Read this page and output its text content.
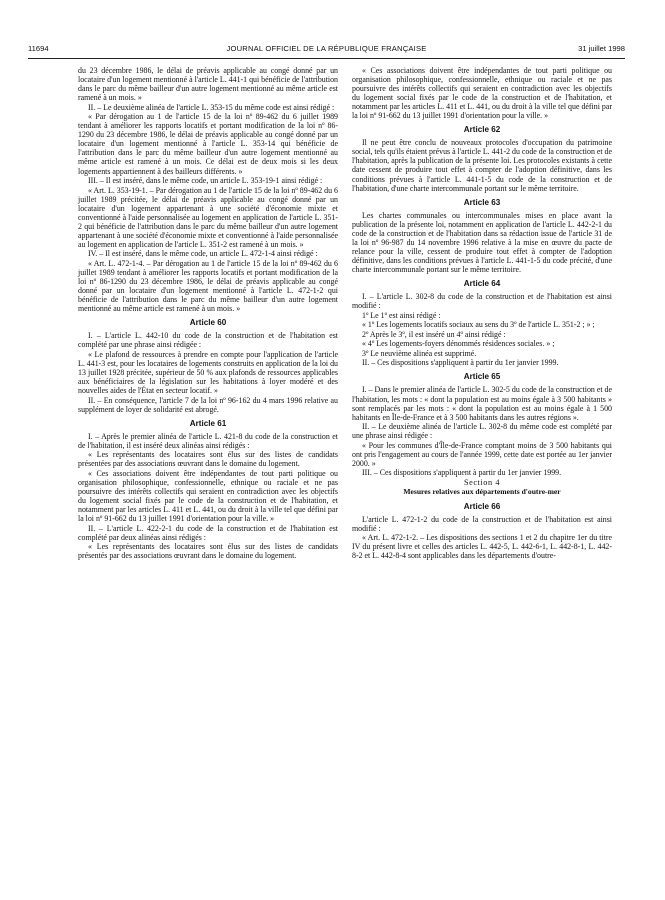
11694	JOURNAL OFFICIEL DE LA RÉPUBLIQUE FRANÇAISE	31 juillet 1998

du 23 décembre 1986, le délai de préavis applicable au congé donné par un locataire d'un logement mentionné à l'article L. 441-1 qui bénéficie de l'attribution dans le parc du même bailleur d'un autre logement mentionné au même article est ramené à un mois. »

II. – Le deuxième alinéa de l'article L. 353-15 du même code est ainsi rédigé :

« Par dérogation au 1 de l'article 15 de la loi nº 89-462 du 6 juillet 1989 tendant à améliorer les rapports locatifs et portant modification de la loi nº 86-1290 du 23 décembre 1986, le délai de préavis applicable au congé donné par un locataire d'un logement mentionné à l'article L. 353-14 qui bénéficie de l'attribution dans le parc du même bailleur d'un autre logement mentionné au même article est ramené à un mois. Ce délai est de deux mois si les deux logements appartiennent à des bailleurs différents. »

III. – Il est inséré, dans le même code, un article L. 353-19-1 ainsi rédigé :

« Art. L. 353-19-1. – Par dérogation au 1 de l'article 15 de la loi nº 89-462 du 6 juillet 1989 précitée, le délai de préavis applicable au congé donné par un locataire d'un logement appartenant à une société d'économie mixte et conventionné à l'aide personnalisée au logement en application de l'article L. 351-2 qui bénéficie de l'attribution dans le parc du même bailleur d'un autre logement appartenant à une société d'économie mixte et conventionné à l'aide personnalisée au logement en application de l'article L. 351-2 est ramené à un mois. »

IV. – Il est inséré, dans le même code, un article L. 472-1-4 ainsi rédigé :

« Art. L. 472-1-4. – Par dérogation au 1 de l'article 15 de la loi nº 89-462 du 6 juillet 1989 tendant à améliorer les rapports locatifs et portant modification de la loi nº 86-1290 du 23 décembre 1986, le délai de préavis applicable au congé donné par un locataire d'un logement mentionné à l'article L. 472-1-2 qui bénéficie de l'attribution dans le parc du même bailleur d'un autre logement mentionné au même article est ramené à un mois. »

Article 60

I. – L'article L. 442-10 du code de la construction et de l'habitation est complété par une phrase ainsi rédigée :

« Le plafond de ressources à prendre en compte pour l'application de l'article L. 441-3 est, pour les locataires de logements construits en application de la loi du 13 juillet 1928 précitée, supérieur de 50 % aux plafonds de ressources applicables aux bénéficiaires de la législation sur les habitations à loyer modéré et des nouvelles aides de l'État en secteur locatif. »

II. – En conséquence, l'article 7 de la loi nº 96-162 du 4 mars 1996 relative au supplément de loyer de solidarité est abrogé.

Article 61

I. – Après le premier alinéa de l'article L. 421-8 du code de la construction et de l'habitation, il est inséré deux alinéas ainsi rédigés :

« Les représentants des locataires sont élus sur des listes de candidats présentées par des associations œuvrant dans le domaine du logement.

« Ces associations doivent être indépendantes de tout parti politique ou organisation philosophique, confessionnelle, ethnique ou raciale et ne pas poursuivre des intérêts collectifs qui seraient en contradiction avec les objectifs du logement social fixés par le code de la construction et de l'habitation, et notamment par les articles L. 411 et L. 441, ou du droit à la ville tel que défini par la loi nº 91-662 du 13 juillet 1991 d'orientation pour la ville. »

II. – L'article L. 422-2-1 du code de la construction et de l'habitation est complété par deux alinéas ainsi rédigés :

« Les représentants des locataires sont élus sur des listes de candidats présentés par des associations œuvrant dans le domaine du logement.

« Ces associations doivent être indépendantes de tout parti politique ou organisation philosophique, confessionnelle, ethnique ou raciale et ne pas poursuivre des intérêts collectifs qui seraient en contradiction avec les objectifs du logement social fixés par le code de la construction et de l'habitation, et notamment par les articles L. 411 et L. 441, ou du droit à la ville tel que défini par la loi nº 91-662 du 13 juillet 1991 d'orientation pour la ville. »

Article 62

Il ne peut être conclu de nouveaux protocoles d'occupation du patrimoine social, tels qu'ils étaient prévus à l'article L. 441-2 du code de la construction et de l'habitation, après la publication de la présente loi. Les protocoles existants à cette date cessent de produire tout effet à compter de l'adoption définitive, dans les conditions prévues à l'article L. 441-1-5 du code de la construction et de l'habitation, d'une charte intercommunale portant sur le même territoire.

Article 63

Les chartes communales ou intercommunales mises en place avant la publication de la présente loi, notamment en application de l'article L. 442-2-1 du code de la construction et de l'habitation dans sa rédaction issue de l'article 31 de la loi nº 96-987 du 14 novembre 1996 relative à la mise en œuvre du pacte de relance pour la ville, cessent de produire tout effet à compter de l'adoption définitive, dans les conditions prévues à l'article L. 441-1-5 du code précité, d'une charte intercommunale portant sur le même territoire.

Article 64

I. – L'article L. 302-8 du code de la construction et de l'habitation est ainsi modifié :

1º Le 1º est ainsi rédigé :

« 1º Les logements locatifs sociaux au sens du 3º de l'article L. 351-2 ; » ;

2º Après le 3º, il est inséré un 4º ainsi rédigé :

« 4º Les logements-foyers dénommés résidences sociales. » ;

3º Le neuvième alinéa est supprimé.

II. – Ces dispositions s'appliquent à partir du 1er janvier 1999.

Article 65

I. – Dans le premier alinéa de l'article L. 302-5 du code de la construction et de l'habitation, les mots : « dont la population est au moins égale à 3 500 habitants » sont remplacés par les mots : « dont la population est au moins égale à 1 500 habitants en Île-de-France et à 3 500 habitants dans les autres régions ».

II. – Le deuxième alinéa de l'article L. 302-8 du même code est complété par une phrase ainsi rédigée :

« Pour les communes d'Île-de-France comptant moins de 3 500 habitants qui ont pris l'engagement au cours de l'année 1999, cette date est portée au 1er janvier 2000. »

III. – Ces dispositions s'appliquent à partir du 1er janvier 1999.

Section 4

Mesures relatives aux départements d'outre-mer

Article 66

L'article L. 472-1-2 du code de la construction et de l'habitation est ainsi modifié :

« Art. L. 472-1-2. – Les dispositions des sections 1 et 2 du chapitre 1er du titre IV du présent livre et celles des articles L. 442-5, L. 442-6-1, L. 442-8-1, L. 442-8-2 et L. 442-8-4 sont applicables dans les départements d'outre-
